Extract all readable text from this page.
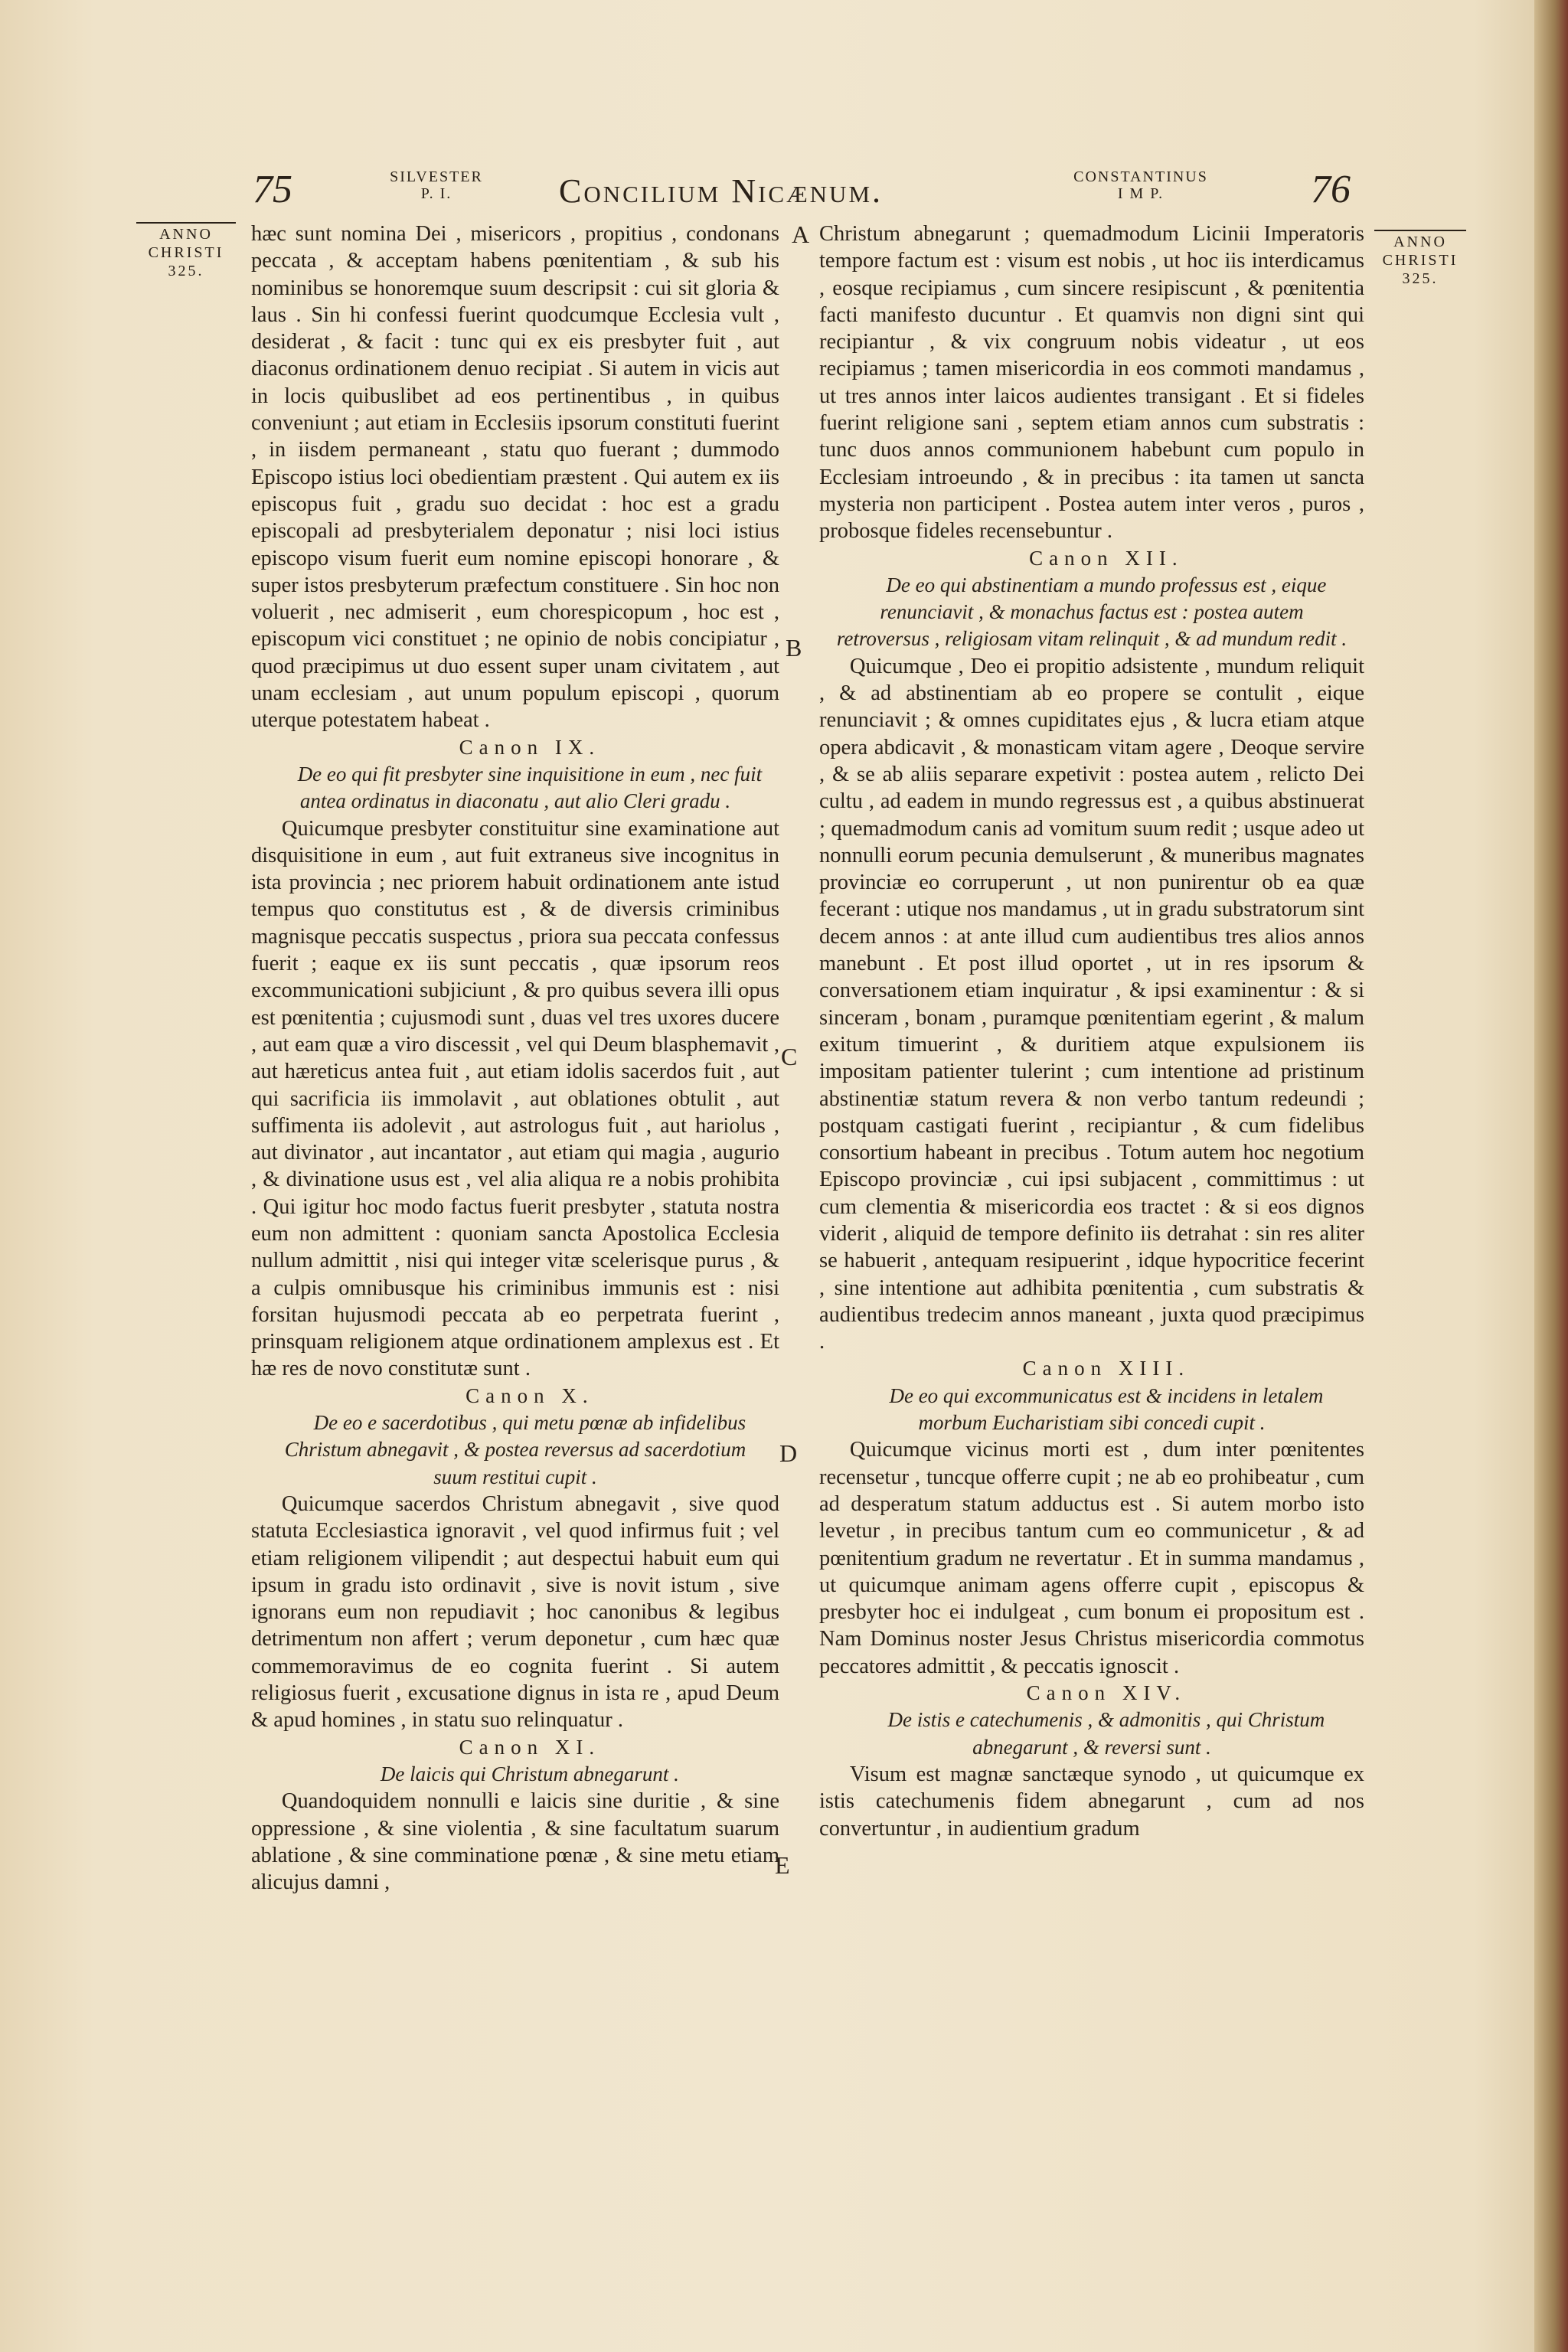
75	SILVESTER
P. I.	Concilium Nicænum.	CONSTANTINUS
I M P.	76
ANNO
CHRISTI
325.
ANNO
CHRISTI
325.
A
B
C
D
E

hæc sunt nomina Dei , misericors , propitius , condonans peccata , & acceptam habens pœnitentiam , & sub his nominibus se honoremque suum descripsit : cui sit gloria & laus . Sin hi confessi fuerint quodcumque Ecclesia vult , desiderat , & facit : tunc qui ex eis presbyter fuit , aut diaconus ordinationem denuo recipiat . Si autem in vicis aut in locis quibuslibet ad eos pertinentibus , in quibus conveniunt ; aut etiam in Ecclesiis ipsorum constituti fuerint , in iisdem permaneant , statu quo fuerant ; dummodo Episcopo istius loci obedientiam præstent . Qui autem ex iis episcopus fuit , gradu suo decidat : hoc est a gradu episcopali ad presbyterialem deponatur ; nisi loci istius episcopo visum fuerit eum nomine episcopi honorare , & super istos presbyterum præfectum constituere . Sin hoc non voluerit , nec admiserit , eum chorespicopum , hoc est , episcopum vici constituet ; ne opinio de nobis concipiatur , quod præcipimus ut duo essent super unam civitatem , aut unam ecclesiam , aut unum populum episcopi , quorum uterque potestatem habeat .

Canon IX.

De eo qui fit presbyter sine inquisitione in eum , nec fuit antea ordinatus in diaconatu , aut alio Cleri gradu .

Quicumque presbyter constituitur sine examinatione aut disquisitione in eum , aut fuit extraneus sive incognitus in ista provincia ; nec priorem habuit ordinationem ante istud tempus quo constitutus est , & de diversis criminibus magnisque peccatis suspectus , priora sua peccata confessus fuerit ; eaque ex iis sunt peccatis , quæ ipsorum reos excommunicationi subjiciunt , & pro quibus severa illi opus est pœnitentia ; cujusmodi sunt , duas vel tres uxores ducere , aut eam quæ a viro discessit , vel qui Deum blasphemavit , aut hæreticus antea fuit , aut etiam idolis sacerdos fuit , aut qui sacrificia iis immolavit , aut oblationes obtulit , aut suffimenta iis adolevit , aut astrologus fuit , aut hariolus , aut divinator , aut incantator , aut etiam qui magia , augurio , & divinatione usus est , vel alia aliqua re a nobis prohibita . Qui igitur hoc modo factus fuerit presbyter , statuta nostra eum non admittent : quoniam sancta Apostolica Ecclesia nullum admittit , nisi qui integer vitæ scelerisque purus , & a culpis omnibusque his criminibus immunis est : nisi forsitan hujusmodi peccata ab eo perpetrata fuerint , prinsquam religionem atque ordinationem amplexus est . Et hæ res de novo constitutæ sunt .

Canon X.

De eo e sacerdotibus , qui metu pœnæ ab infidelibus Christum abnegavit , & postea reversus ad sacerdotium suum restitui cupit .

Quicumque sacerdos Christum abnegavit , sive quod statuta Ecclesiastica ignoravit , vel quod infirmus fuit ; vel etiam religionem vilipendit ; aut despectui habuit eum qui ipsum in gradu isto ordinavit , sive is novit istum , sive ignorans eum non repudiavit ; hoc canonibus & legibus detrimentum non affert ; verum deponetur , cum hæc quæ commemoravimus de eo cognita fuerint . Si autem religiosus fuerit , excusatione dignus in ista re , apud Deum & apud homines , in statu suo relinquatur .

Canon XI.

De laicis qui Christum abnegarunt .

Quandoquidem nonnulli e laicis sine duritie , & sine oppressione , & sine violentia , & sine facultatum suarum ablatione , & sine comminatione pœnæ , & sine metu etiam alicujus damni ,

Christum abnegarunt ; quemadmodum Licinii Imperatoris tempore factum est : visum est nobis , ut hoc iis interdicamus , eosque recipiamus , cum sincere resipiscunt , & pœnitentia facti manifesto ducuntur . Et quamvis non digni sint qui recipiantur , & vix congruum nobis videatur , ut eos recipiamus ; tamen misericordia in eos commoti mandamus , ut tres annos inter laicos audientes transigant . Et si fideles fuerint religione sani , septem etiam annos cum substratis : tunc duos annos communionem habebunt cum populo in Ecclesiam introeundo , & in precibus : ita tamen ut sancta mysteria non participent . Postea autem inter veros , puros , probosque fideles recensebuntur .

Canon XII.

De eo qui abstinentiam a mundo professus est , eique renunciavit , & monachus factus est : postea autem retroversus , religiosam vitam relinquit , & ad mundum redit .

Quicumque , Deo ei propitio adsistente , mundum reliquit , & ad abstinentiam ab eo propere se contulit , eique renunciavit ; & omnes cupiditates ejus , & lucra etiam atque opera abdicavit , & monasticam vitam agere , Deoque servire , & se ab aliis separare expetivit : postea autem , relicto Dei cultu , ad eadem in mundo regressus est , a quibus abstinuerat ; quemadmodum canis ad vomitum suum redit ; usque adeo ut nonnulli eorum pecunia demulserunt , & muneribus magnates provinciæ eo corruperunt , ut non punirentur ob ea quæ fecerant : utique nos mandamus , ut in gradu substratorum sint decem annos : at ante illud cum audientibus tres alios annos manebunt . Et post illud oportet , ut in res ipsorum & conversationem etiam inquiratur , & ipsi examinentur : & si sinceram , bonam , puramque pœnitentiam egerint , & malum exitum timuerint , & duritiem atque expulsionem iis impositam patienter tulerint ; cum intentione ad pristinum abstinentiæ statum revera & non verbo tantum redeundi ; postquam castigati fuerint , recipiantur , & cum fidelibus consortium habeant in precibus . Totum autem hoc negotium Episcopo provinciæ , cui ipsi subjacent , committimus : ut cum clementia & misericordia eos tractet : & si eos dignos viderit , aliquid de tempore definito iis detrahat : sin res aliter se habuerit , antequam resipuerint , idque hypocritice fecerint , sine intentione aut adhibita pœnitentia , cum substratis & audientibus tredecim annos maneant , juxta quod præcipimus .

Canon XIII.

De eo qui excommunicatus est & incidens in letalem morbum Eucharistiam sibi concedi cupit .

Quicumque vicinus morti est , dum inter pœnitentes recensetur , tuncque offerre cupit ; ne ab eo prohibeatur , cum ad desperatum statum adductus est . Si autem morbo isto levetur , in precibus tantum cum eo communicetur , & ad pœnitentium gradum ne revertatur . Et in summa mandamus , ut quicumque animam agens offerre cupit , episcopus & presbyter hoc ei indulgeat , cum bonum ei propositum est . Nam Dominus noster Jesus Christus misericordia commotus peccatores admittit , & peccatis ignoscit .

Canon XIV.

De istis e catechumenis , & admonitis , qui Christum abnegarunt , & reversi sunt .

Visum est magnæ sanctæque synodo , ut quicumque ex istis catechumenis fidem abnegarunt , cum ad nos convertuntur , in audientium gradum
